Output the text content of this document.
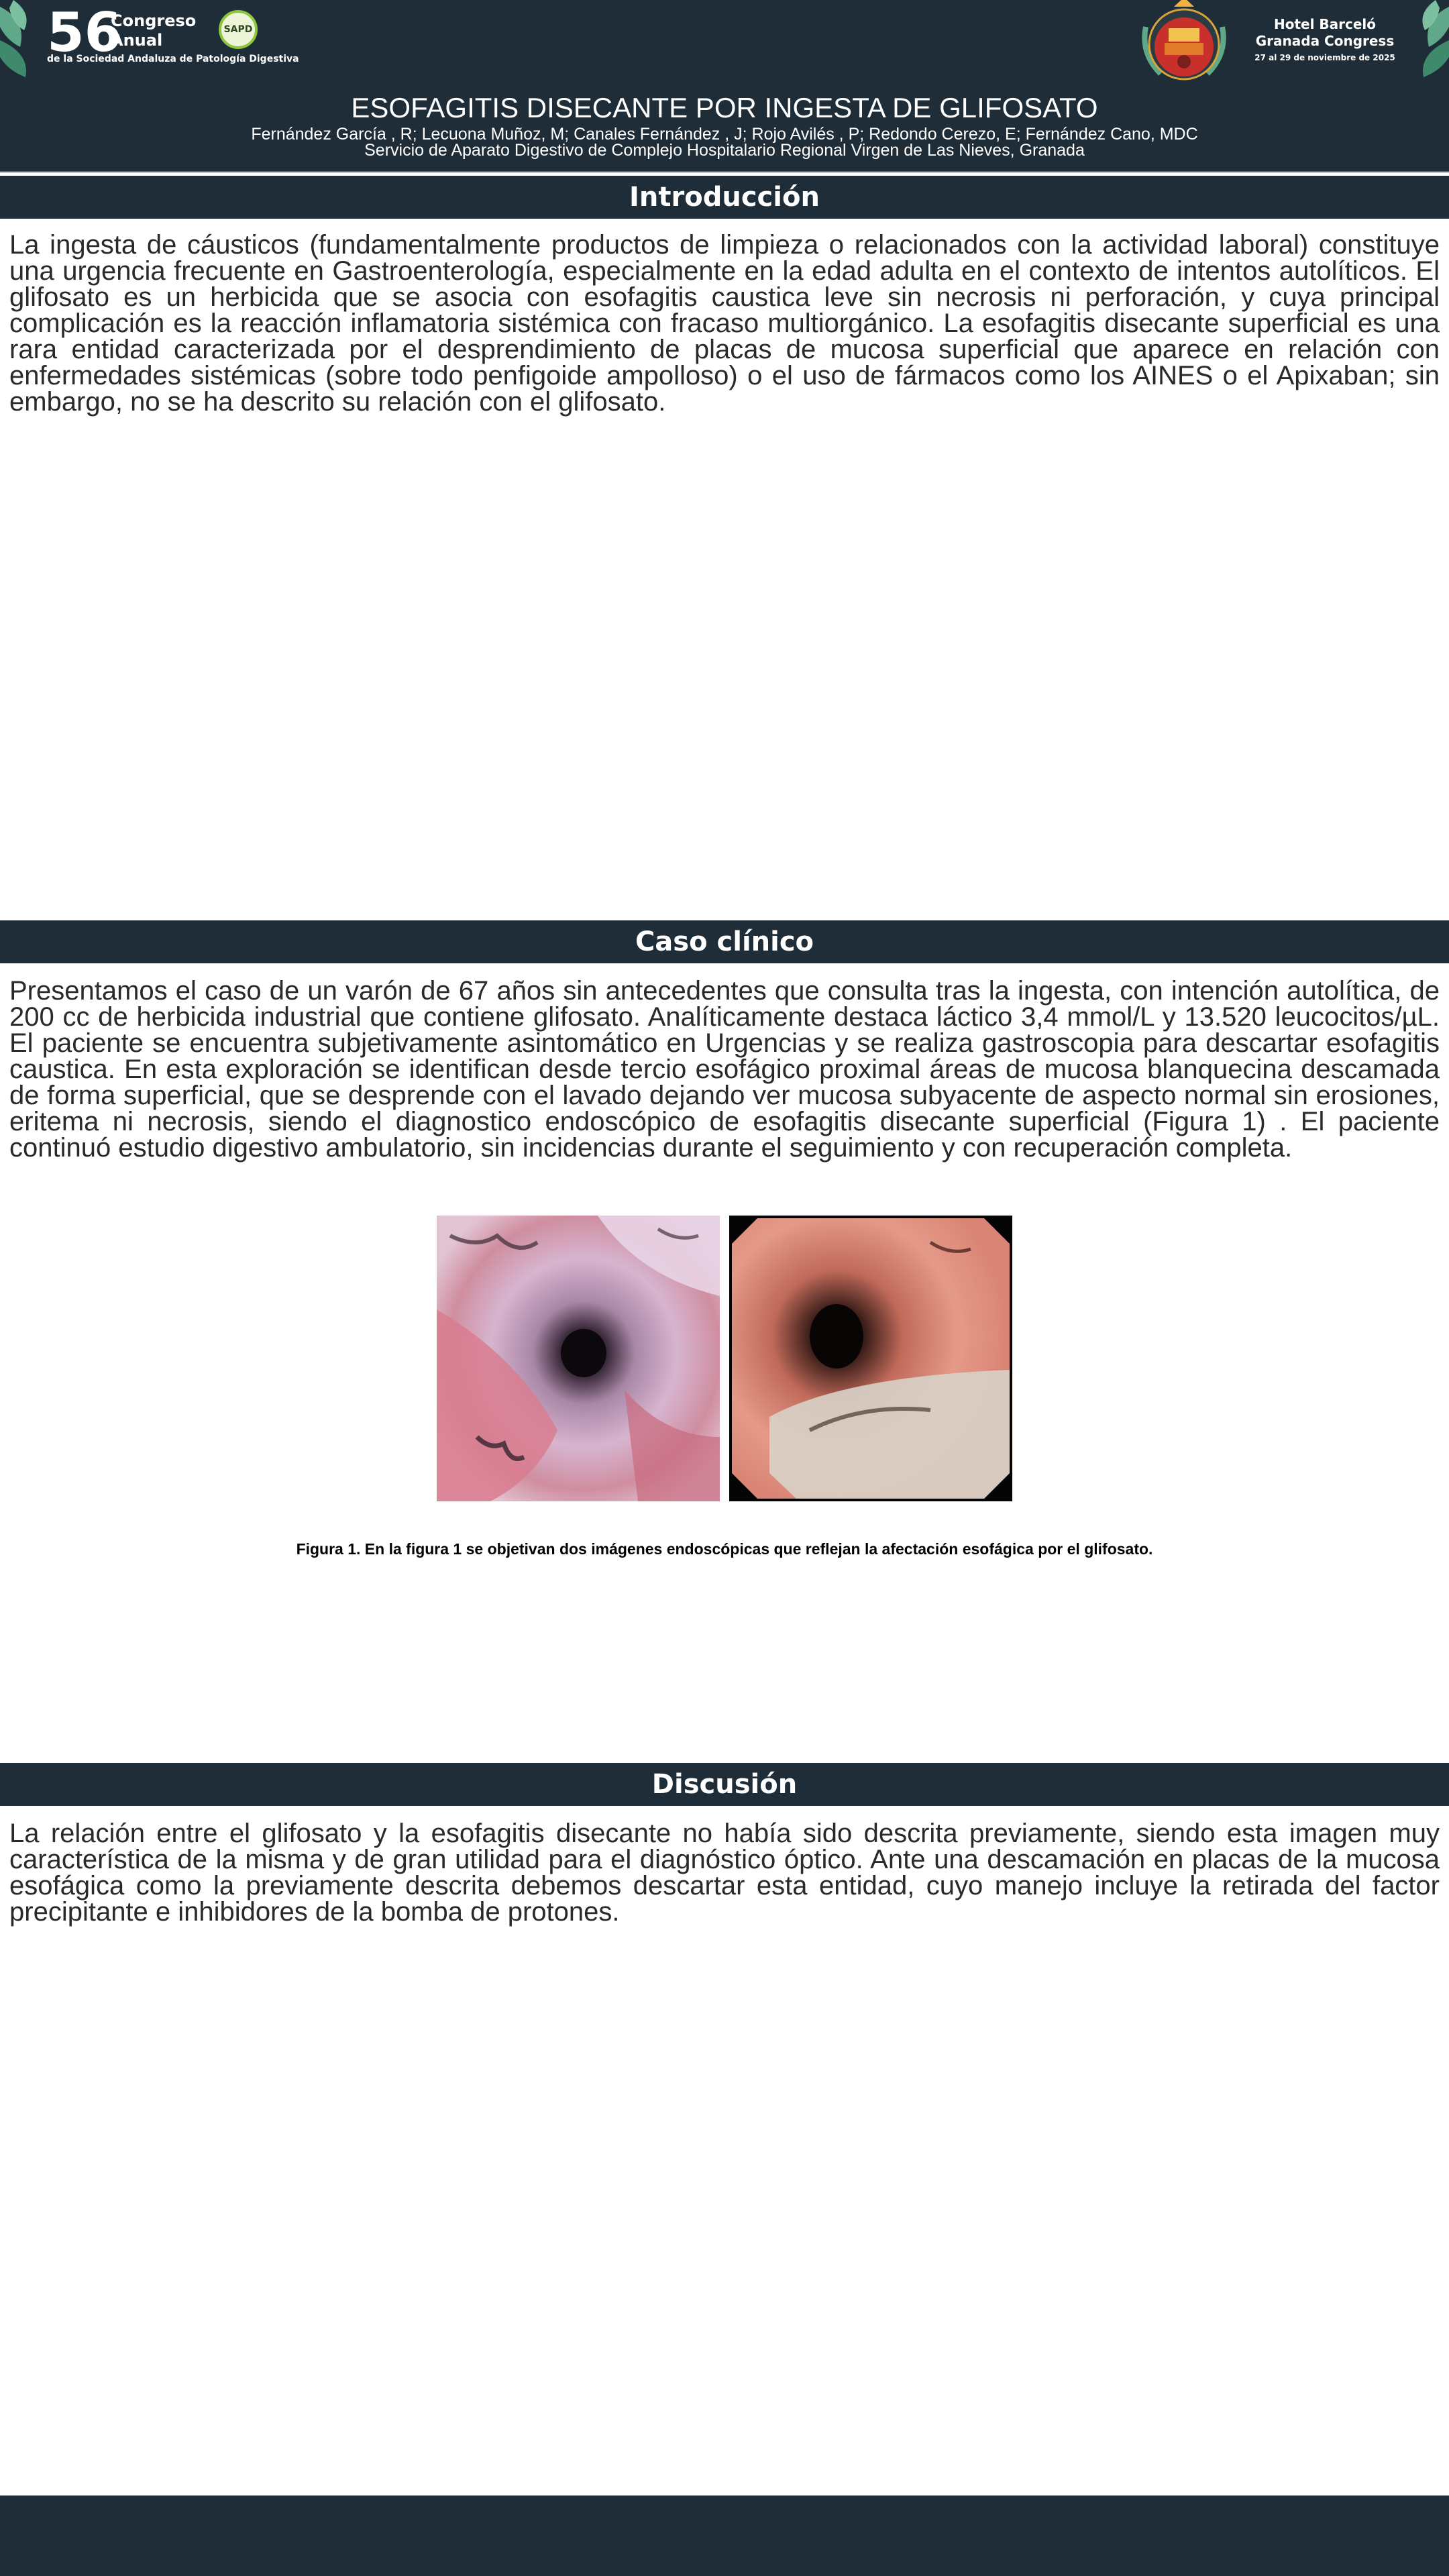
56
Congreso
Anual
de la Sociedad Andaluza de Patología Digestiva
SAPD	Hotel Barceló
Granada Congress
27 al 29 de noviembre de 2025
ESOFAGITIS DISECANTE POR INGESTA DE GLIFOSATO
Fernández García , R; Lecuona Muñoz, M; Canales Fernández , J; Rojo Avilés , P; Redondo Cerezo, E; Fernández Cano, MDC
Servicio de Aparato Digestivo de Complejo Hospitalario Regional Virgen de Las Nieves, Granada
Introducción

La ingesta de cáusticos (fundamentalmente productos de limpieza o relacionados con la actividad laboral) constituye una urgencia frecuente en Gastroenterología, especialmente en la edad adulta en el contexto de intentos autolíticos. El glifosato es un herbicida que se asocia con esofagitis caustica leve sin necrosis ni perforación, y cuya principal complicación es la reacción inflamatoria sistémica con fracaso multiorgánico. La esofagitis disecante superficial es una rara entidad caracterizada por el desprendimiento de placas de mucosa superficial que aparece en relación con enfermedades sistémicas (sobre todo penfigoide ampolloso) o el uso de fármacos como los AINES o el Apixaban; sin embargo, no se ha descrito su relación con el glifosato.

Caso clínico

Presentamos el caso de un varón de 67 años sin antecedentes que consulta tras la ingesta, con intención autolítica, de 200 cc de herbicida industrial que contiene glifosato. Analíticamente destaca láctico 3,4 mmol/L y 13.520 leucocitos/µL. El paciente se encuentra subjetivamente asintomático en Urgencias y se realiza gastroscopia para descartar esofagitis caustica. En esta exploración se identifican desde tercio esofágico proximal áreas de mucosa blanquecina descamada de forma superficial, que se desprende con el lavado dejando ver mucosa subyacente de aspecto normal sin erosiones, eritema ni necrosis, siendo el diagnostico endoscópico de esofagitis disecante superficial (Figura 1) . El paciente continuó estudio digestivo ambulatorio, sin incidencias durante el seguimiento y con recuperación completa.

Figura 1. En la figura 1 se objetivan dos imágenes endoscópicas que reflejan la afectación esofágica por el glifosato.
Discusión

La relación entre el glifosato y la esofagitis disecante no había sido descrita previamente, siendo esta imagen muy característica de la misma y de gran utilidad para el diagnóstico óptico. Ante una descamación en placas de la mucosa esofágica como la previamente descrita debemos descartar esta entidad, cuyo manejo incluye la retirada del factor precipitante e inhibidores de la bomba de protones.
